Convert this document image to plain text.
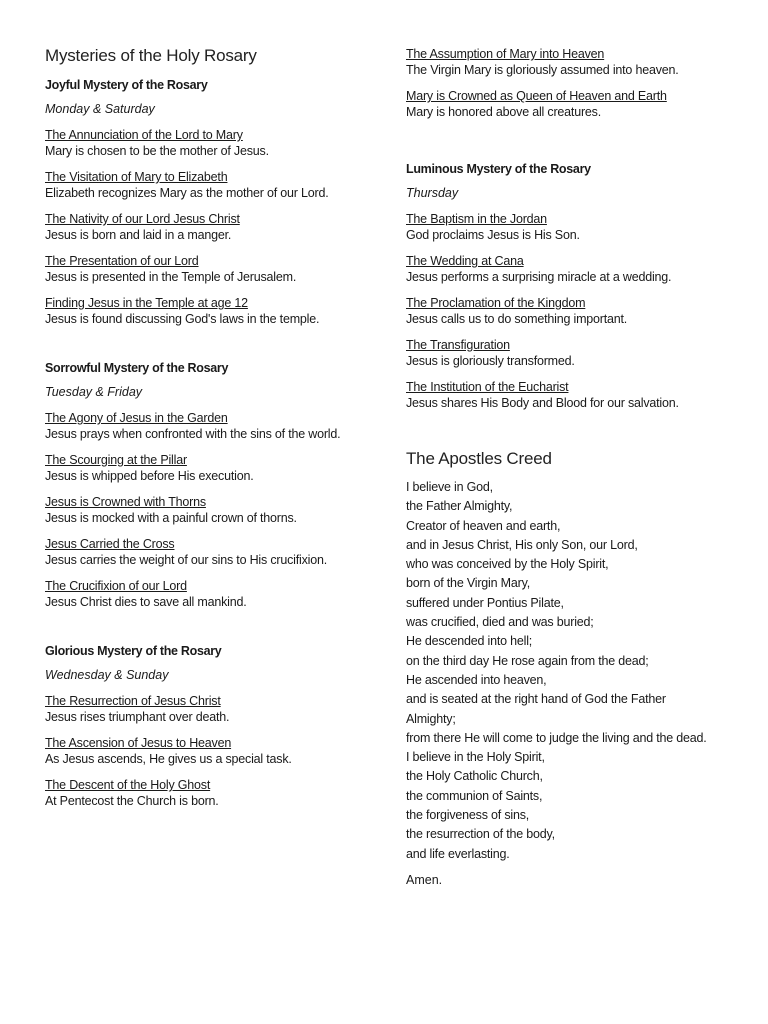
Mysteries of the Holy Rosary
Joyful Mystery of the Rosary
Monday & Saturday
The Annunciation of the Lord to Mary
Mary is chosen to be the mother of Jesus.
The Visitation of Mary to Elizabeth
Elizabeth recognizes Mary as the mother of our Lord.
The Nativity of our Lord Jesus Christ
Jesus is born and laid in a manger.
The Presentation of our Lord
Jesus is presented in the Temple of Jerusalem.
Finding Jesus in the Temple at age 12
Jesus is found discussing God's laws in the temple.
Sorrowful Mystery of the Rosary
Tuesday & Friday
The Agony of Jesus in the Garden
Jesus prays when confronted with the sins of the world.
The Scourging at the Pillar
Jesus is whipped before His execution.
Jesus is Crowned with Thorns
Jesus is mocked with a painful crown of thorns.
Jesus Carried the Cross
Jesus carries the weight of our sins to His crucifixion.
The Crucifixion of our Lord
Jesus Christ dies to save all mankind.
Glorious Mystery of the Rosary
Wednesday & Sunday
The Resurrection of Jesus Christ
Jesus rises triumphant over death.
The Ascension of Jesus to Heaven
As Jesus ascends, He gives us a special task.
The Descent of the Holy Ghost
At Pentecost the Church is born.
The Assumption of Mary into Heaven
The Virgin Mary is gloriously assumed into heaven.
Mary is Crowned as Queen of Heaven and Earth
Mary is honored above all creatures.
Luminous Mystery of the Rosary
Thursday
The Baptism in the Jordan
God proclaims Jesus is His Son.
The Wedding at Cana
Jesus performs a surprising miracle at a wedding.
The Proclamation of the Kingdom
Jesus calls us to do something important.
The Transfiguration
Jesus is gloriously transformed.
The Institution of the Eucharist
Jesus shares His Body and Blood for our salvation.
The Apostles Creed
I believe in God,
the Father Almighty,
Creator of heaven and earth,
and in Jesus Christ, His only Son, our Lord,
who was conceived by the Holy Spirit,
born of the Virgin Mary,
suffered under Pontius Pilate,
was crucified, died and was buried;
He descended into hell;
on the third day He rose again from the dead;
He ascended into heaven,
and is seated at the right hand of God the Father
Almighty;
from there He will come to judge the living and the dead.
I believe in the Holy Spirit,
the Holy Catholic Church,
the communion of Saints,
the forgiveness of sins,
the resurrection of the body,
and life everlasting.
Amen.
